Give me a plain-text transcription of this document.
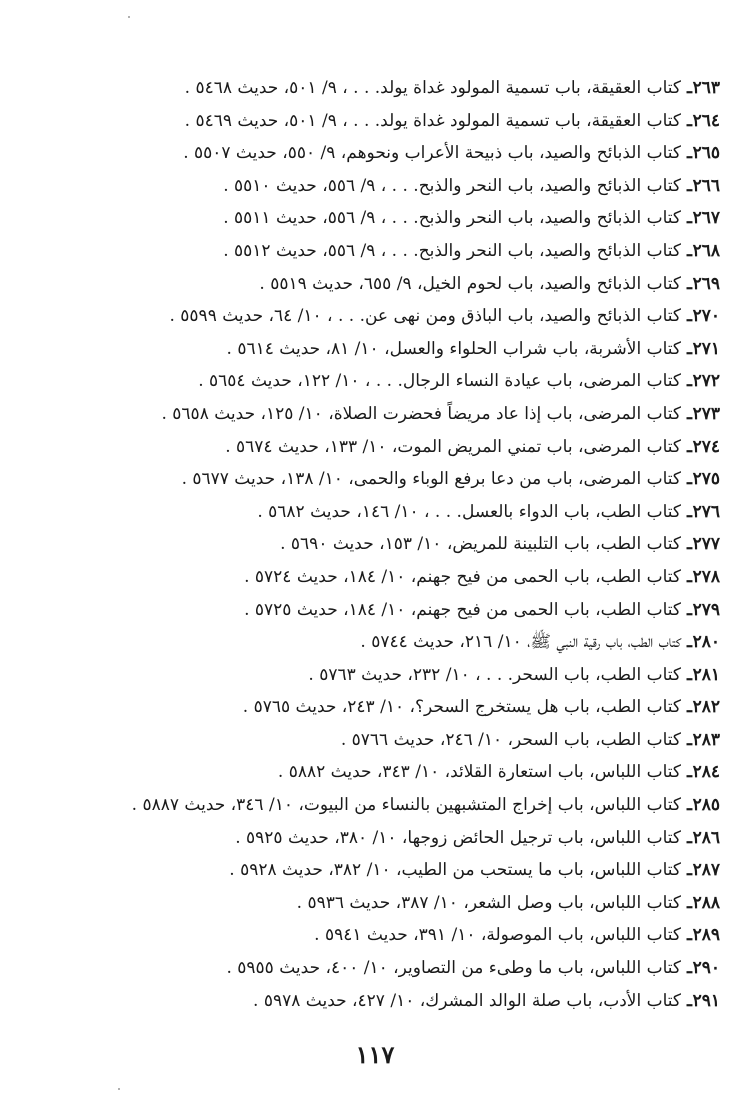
٢٦٣ـكتاب العقيقة، باب تسمية المولود غداة يولد. . . ، ٩/ ٥٠١، حديث ٥٤٦٨ .
٢٦٤ـكتاب العقيقة، باب تسمية المولود غداة يولد. . . ، ٩/ ٥٠١، حديث ٥٤٦٩ .
٢٦٥ـكتاب الذبائح والصيد، باب ذبيحة الأعراب ونحوهم، ٩/ ٥٥٠، حديث ٥٥٠٧ .
٢٦٦ـكتاب الذبائح والصيد، باب النحر والذبح. . . ، ٩/ ٥٥٦، حديث ٥٥١٠ .
٢٦٧ـكتاب الذبائح والصيد، باب النحر والذبح. . . ، ٩/ ٥٥٦، حديث ٥٥١١ .
٢٦٨ـكتاب الذبائح والصيد، باب النحر والذبح. . . ، ٩/ ٥٥٦، حديث ٥٥١٢ .
٢٦٩ـكتاب الذبائح والصيد، باب لحوم الخيل، ٩/ ٦٥٥، حديث ٥٥١٩ .
٢٧٠ـكتاب الذبائح والصيد، باب الباذق ومن نهى عن. . . ، ١٠/ ٦٤، حديث ٥٥٩٩ .
٢٧١ـكتاب الأشربة، باب شراب الحلواء والعسل، ١٠/ ٨١، حديث ٥٦١٤ .
٢٧٢ـكتاب المرضى، باب عيادة النساء الرجال. . . ، ١٠/ ١٢٢، حديث ٥٦٥٤ .
٢٧٣ـكتاب المرضى، باب إذا عاد مريضاً فحضرت الصلاة، ١٠/ ١٢٥، حديث ٥٦٥٨ .
٢٧٤ـكتاب المرضى، باب تمني المريض الموت، ١٠/ ١٣٣، حديث ٥٦٧٤ .
٢٧٥ـكتاب المرضى، باب من دعا برفع الوباء والحمى، ١٠/ ١٣٨، حديث ٥٦٧٧ .
٢٧٦ـكتاب الطب، باب الدواء بالعسل. . . ، ١٠/ ١٤٦، حديث ٥٦٨٢ .
٢٧٧ـكتاب الطب، باب التلبينة للمريض، ١٠/ ١٥٣، حديث ٥٦٩٠ .
٢٧٨ـكتاب الطب، باب الحمى من فيح جهنم، ١٠/ ١٨٤، حديث ٥٧٢٤ .
٢٧٩ـكتاب الطب، باب الحمى من فيح جهنم، ١٠/ ١٨٤، حديث ٥٧٢٥ .
٢٨٠ـكتاب الطب، باب رقية النبي ﷺ، ١٠/ ٢١٦، حديث ٥٧٤٤ .
٢٨١ـكتاب الطب، باب السحر. . . ، ١٠/ ٢٣٢، حديث ٥٧٦٣ .
٢٨٢ـكتاب الطب، باب هل يستخرج السحر؟، ١٠/ ٢٤٣، حديث ٥٧٦٥ .
٢٨٣ـكتاب الطب، باب السحر، ١٠/ ٢٤٦، حديث ٥٧٦٦ .
٢٨٤ـكتاب اللباس، باب استعارة القلائد، ١٠/ ٣٤٣، حديث ٥٨٨٢ .
٢٨٥ـكتاب اللباس، باب إخراج المتشبهين بالنساء من البيوت، ١٠/ ٣٤٦، حديث ٥٨٨٧ .
٢٨٦ـكتاب اللباس، باب ترجيل الحائض زوجها، ١٠/ ٣٨٠، حديث ٥٩٢٥ .
٢٨٧ـكتاب اللباس، باب ما يستحب من الطيب، ١٠/ ٣٨٢، حديث ٥٩٢٨ .
٢٨٨ـكتاب اللباس، باب وصل الشعر، ١٠/ ٣٨٧، حديث ٥٩٣٦ .
٢٨٩ـكتاب اللباس، باب الموصولة، ١٠/ ٣٩١، حديث ٥٩٤١ .
٢٩٠ـكتاب اللباس، باب ما وطىء من التصاوير، ١٠/ ٤٠٠، حديث ٥٩٥٥ .
٢٩١ـكتاب الأدب، باب صلة الوالد المشرك، ١٠/ ٤٢٧، حديث ٥٩٧٨ .
١١٧
